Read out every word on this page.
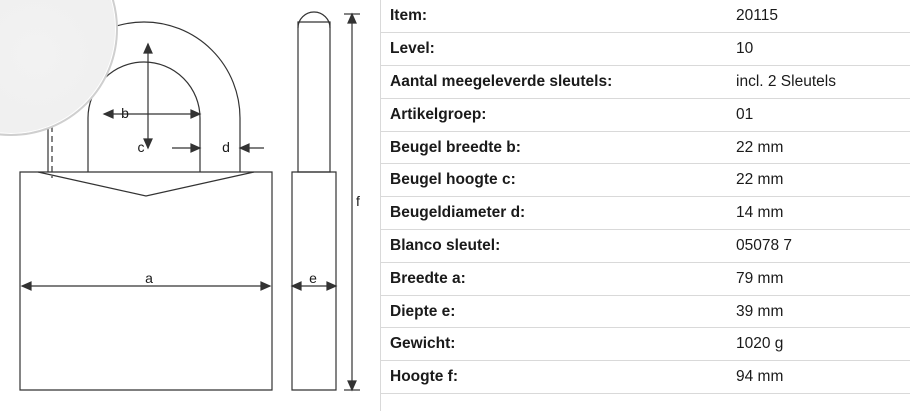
b
c	d
a	e
f
Item:	20115
Level:	10
Aantal meegeleverde sleutels:	incl. 2 Sleutels
Artikelgroep:	01
Beugel breedte b:	22 mm
Beugel hoogte c:	22 mm
Beugeldiameter d:	14 mm
Blanco sleutel:	05078 7
Breedte a:	79 mm
Diepte e:	39 mm
Gewicht:	1020 g
Hoogte f:	94 mm
